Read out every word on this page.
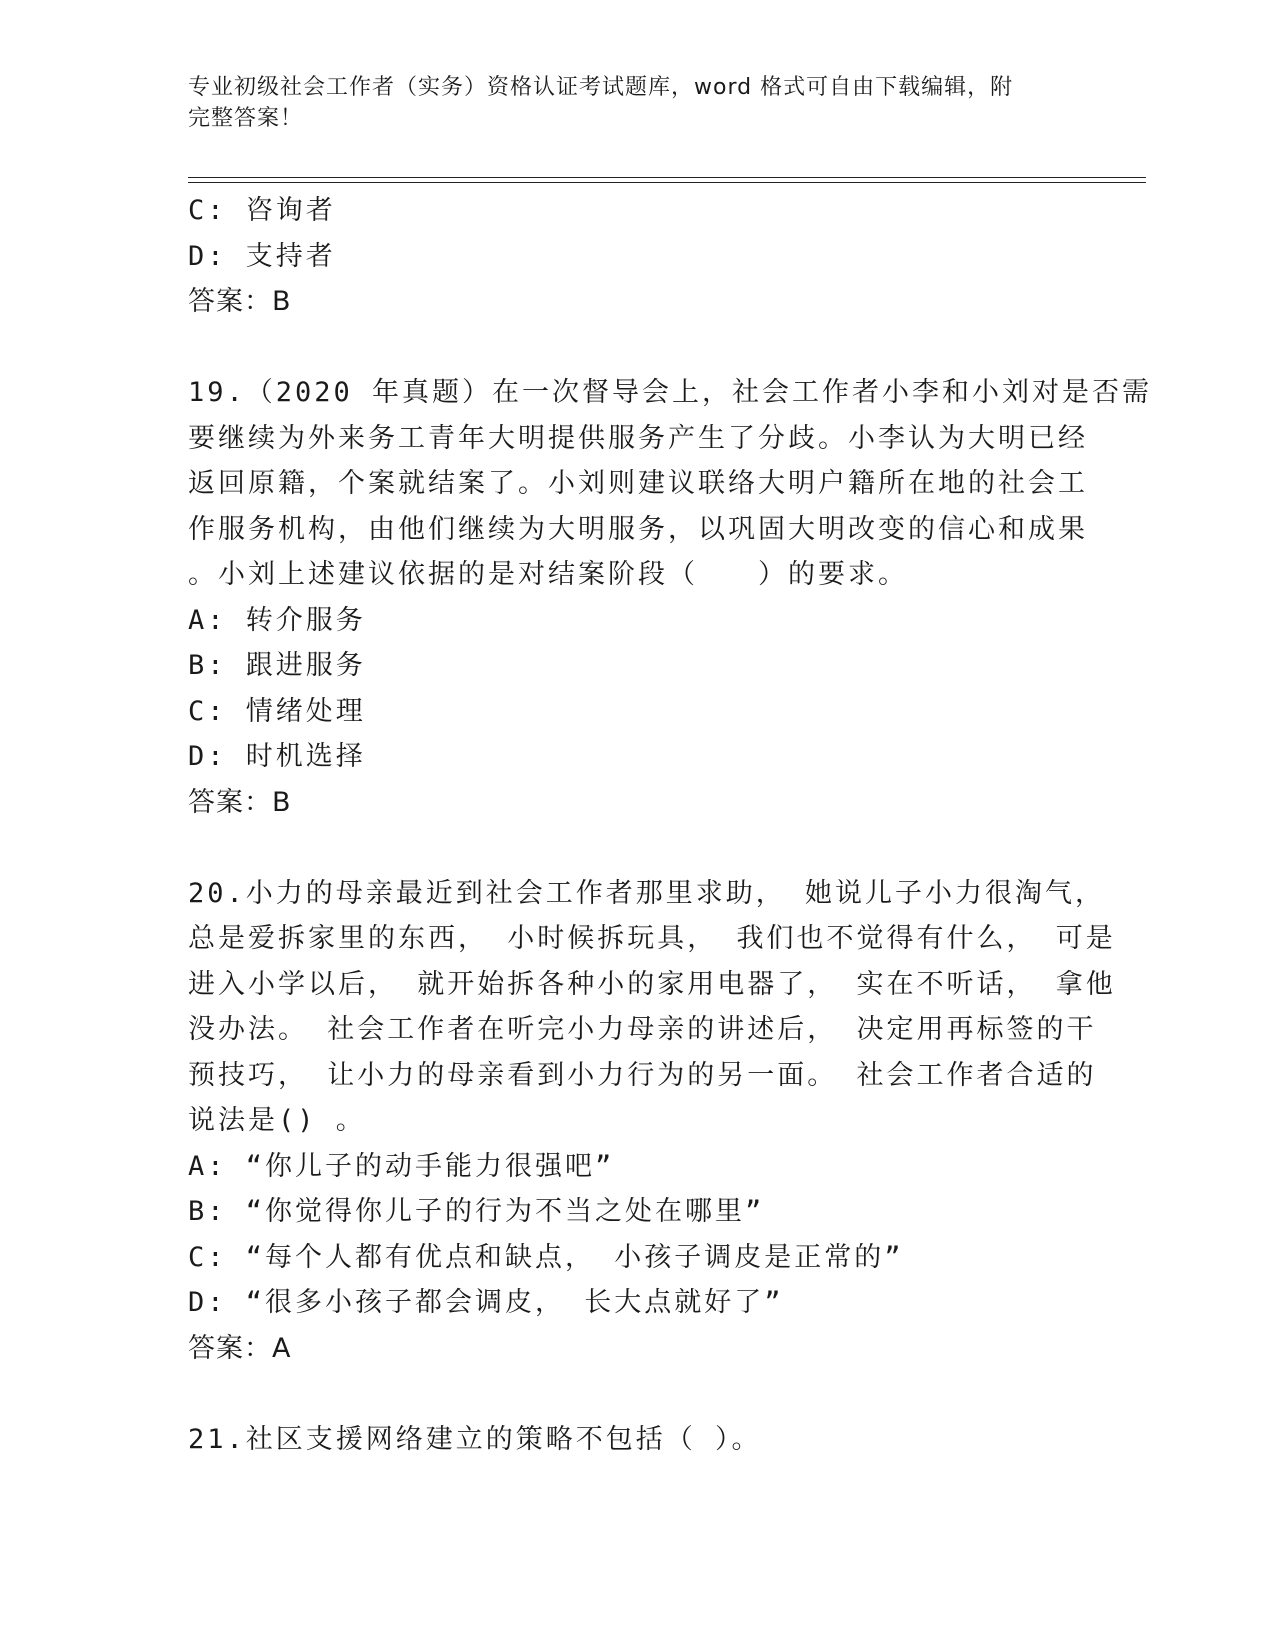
专业初级社会工作者（实务）资格认证考试题库，word 格式可自由下载编辑，附
完整答案！
C: 咨询者
D: 支持者
答案：B
19.（2020 年真题）在一次督导会上，社会工作者小李和小刘对是否需
要继续为外来务工青年大明提供服务产生了分歧。小李认为大明已经
返回原籍，个案就结案了。小刘则建议联络大明户籍所在地的社会工
作服务机构，由他们继续为大明服务，以巩固大明改变的信心和成果
。小刘上述建议依据的是对结案阶段（　　）的要求。
A: 转介服务
B: 跟进服务
C: 情绪处理
D: 时机选择
答案：B
20.小力的母亲最近到社会工作者那里求助， 她说儿子小力很淘气，
总是爱拆家里的东西， 小时候拆玩具， 我们也不觉得有什么， 可是
进入小学以后， 就开始拆各种小的家用电器了， 实在不听话， 拿他
没办法。 社会工作者在听完小力母亲的讲述后， 决定用再标签的干
预技巧， 让小力的母亲看到小力行为的另一面。 社会工作者合适的
说法是() 。
A: “你儿子的动手能力很强吧”
B: “你觉得你儿子的行为不当之处在哪里”
C: “每个人都有优点和缺点， 小孩子调皮是正常的”
D: “很多小孩子都会调皮， 长大点就好了”
答案：A
21.社区支援网络建立的策略不包括（ ）。
